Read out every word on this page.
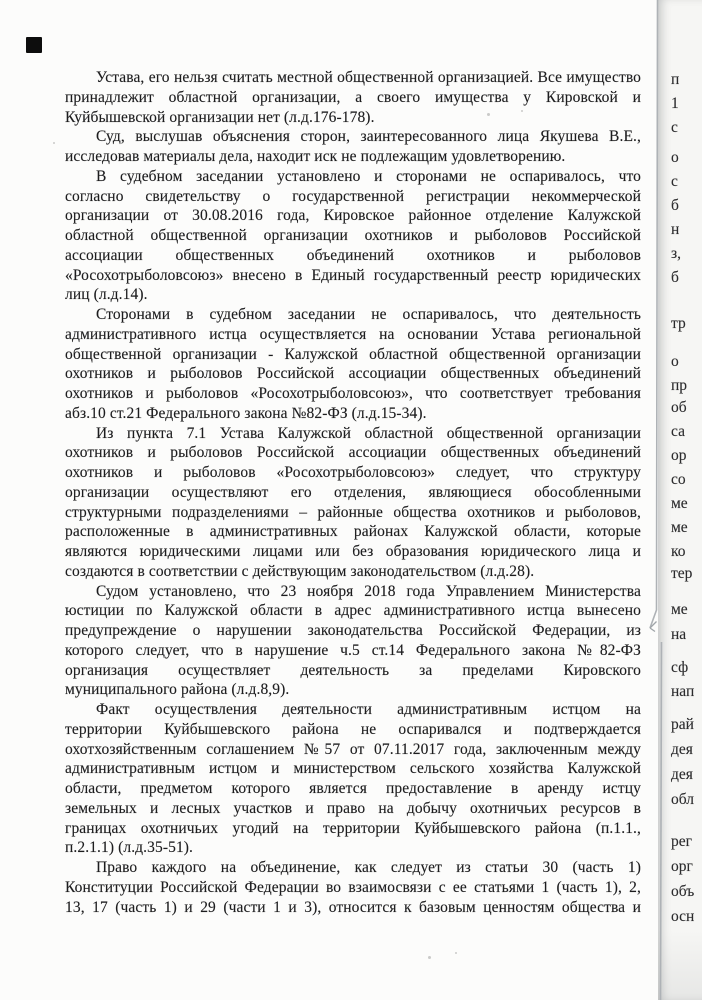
Устава, его нельзя считать местной общественной организацией. Все имущество
принадлежит областной организации, а своего имущества у Кировской и
Куйбышевской организации нет (л.д.176-178).
Суд, выслушав объяснения сторон, заинтересованного лица Якушева В.Е.,
исследовав материалы дела, находит иск не подлежащим удовлетворению.
В судебном заседании установлено и сторонами не оспаривалось, что
согласно свидетельству о государственной регистрации некоммерческой
организации от 30.08.2016 года, Кировское районное отделение Калужской
областной общественной организации охотников и рыболовов Российской
ассоциации общественных объединений охотников и рыболовов
«Росохотрыболовсоюз» внесено в Единый государственный реестр юридических
лиц (л.д.14).
Сторонами в судебном заседании не оспаривалось, что деятельность
административного истца осуществляется на основании Устава региональной
общественной организации - Калужской областной общественной организации
охотников и рыболовов Российской ассоциации общественных объединений
охотников и рыболовов «Росохотрыболовсоюз», что соответствует требования
абз.10 ст.21 Федерального закона №82-ФЗ (л.д.15-34).
Из пункта 7.1 Устава Калужской областной общественной организации
охотников и рыболовов Российской ассоциации общественных объединений
охотников и рыболовов «Росохотрыболовсоюз» следует, что структуру
организации осуществляют его отделения, являющиеся обособленными
структурными подразделениями – районные общества охотников и рыболовов,
расположенные в административных районах Калужской области, которые
являются юридическими лицами или без образования юридического лица и
создаются в соответствии с действующим законодательством (л.д.28).
Судом установлено, что 23 ноября 2018 года Управлением Министерства
юстиции по Калужской области в адрес административного истца вынесено
предупреждение о нарушении законодательства Российской Федерации, из
которого следует, что в нарушение ч.5 ст.14 Федерального закона №82-ФЗ
организация осуществляет деятельность за пределами Кировского
муниципального района (л.д.8,9).
Факт осуществления деятельности административным истцом на
территории Куйбышевского района не оспаривался и подтверждается
охотхозяйственным соглашением №57 от 07.11.2017 года, заключенным между
административным истцом и министерством сельского хозяйства Калужской
области, предметом которого является предоставление в аренду истцу
земельных и лесных участков и право на добычу охотничьих ресурсов в
границах охотничьих угодий на территории Куйбышевского района (п.1.1.,
п.2.1.1) (л.д.35-51).
Право каждого на объединение, как следует из статьи 30 (часть 1)
Конституции Российской Федерации во взаимосвязи с ее статьями 1 (часть 1), 2,
13, 17 (часть 1) и 29 (части 1 и 3), относится к базовым ценностям общества и
п
1
с
о
с
б
н
з,
б
тр
о
пр
об
са
ор
со
ме
ме
ко
тер
ме
на
сф
нап
рай
дея
дея
обл
рег
орг
объ
осн
